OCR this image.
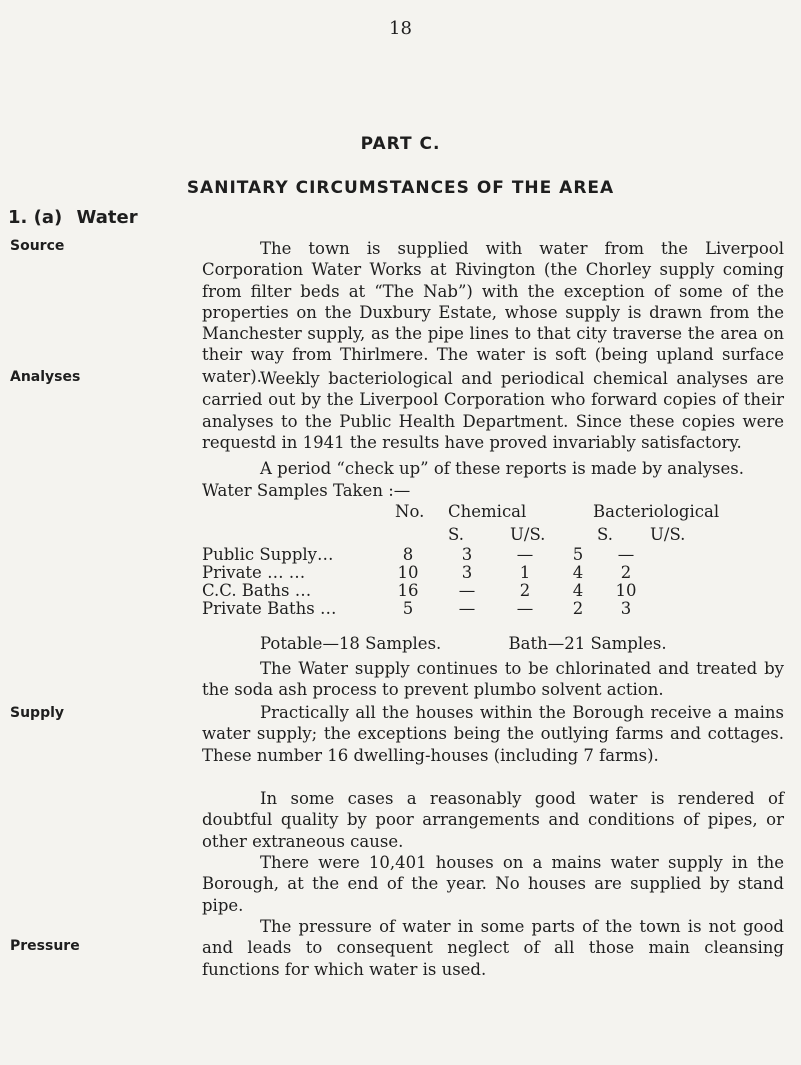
18
PART C.
SANITARY CIRCUMSTANCES OF THE AREA
1. (a) Water
Source	The town is supplied with water from the Liverpool Corporation Water Works at Rivington (the Chorley supply coming from filter beds at “The Nab”) with the exception of some of the properties on the Duxbury Estate, whose supply is drawn from the Manchester supply, as the pipe lines to that city traverse the area on their way from Thirlmere. The water is soft (being upland surface water).

Analyses	Weekly bacteriological and periodical chemical analyses are carried out by the Liverpool Corporation who forward copies of their analyses to the Public Health Department. Since these copies were requestd in 1941 the results have proved invariably satisfactory.

A period “check up” of these reports is made by analyses.

Water Samples Taken :—

No. Chemical	Bacteriological
S.	U/S.	S. U/S.
Public Supply…	8	3	—	5	—
Private … …	10	3	1	4	2
C.C. Baths …	16	—	2	4	10
Private Baths …	5	—	—	2	3
Potable—18 Samples.	Bath—21 Samples.

The Water supply continues to be chlorinated and treated by the soda ash process to prevent plumbo solvent action.

Supply	Practically all the houses within the Borough receive a mains water supply; the exceptions being the outlying farms and cottages. These number 16 dwelling-houses (including 7 farms).

In some cases a reasonably good water is rendered of doubtful quality by poor arrangements and conditions of pipes, or other extraneous cause.

There were 10,401 houses on a mains water supply in the Borough, at the end of the year. No houses are supplied by stand pipe.

Pressure

The pressure of water in some parts of the town is not good and leads to consequent neglect of all those main cleansing functions for which water is used.
